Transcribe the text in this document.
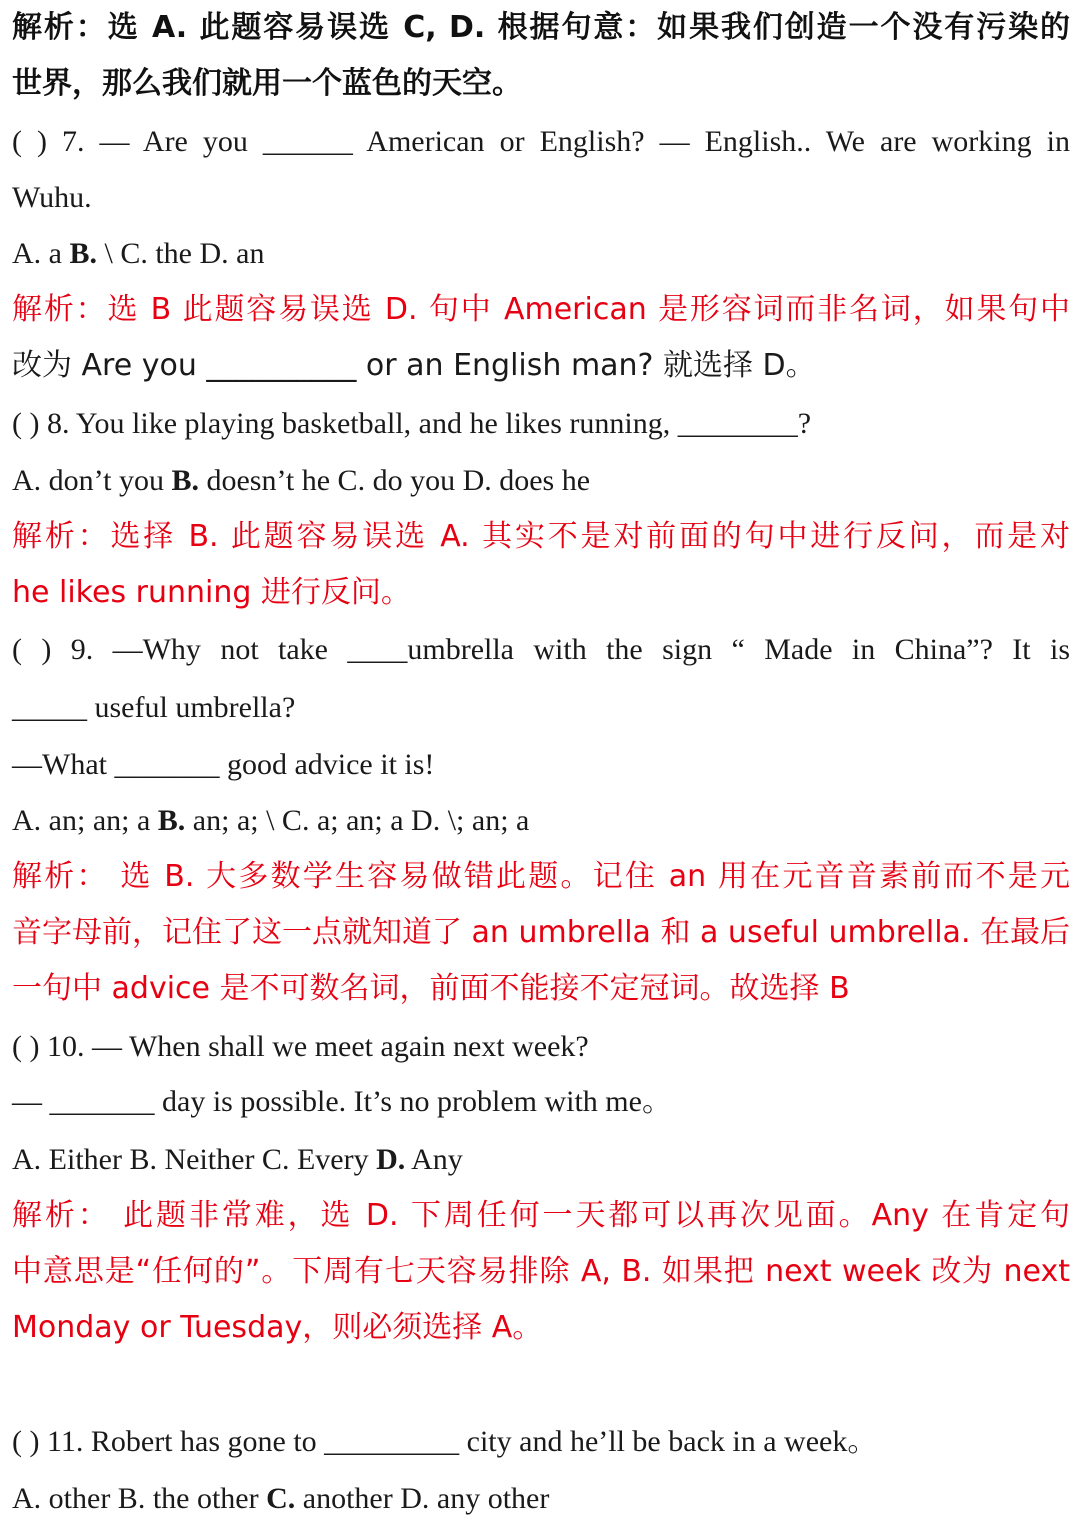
解析：选 A. 此题容易误选 C, D. 根据句意：如果我们创造一个没有污染的
世界，那么我们就用一个蓝色的天空。
( ) 7. — Are you ______ American or English? — English.. We are working in
Wuhu.
A. a B. \ C. the D. an
解析：选 B 此题容易误选 D. 句中 American 是形容词而非名词，如果句中
改为 Are you __________ or an English man? 就选择 D。
( ) 8. You like playing basketball, and he likes running, ________?
A. don’t you B. doesn’t he C. do you D. does he
解析：选择 B. 此题容易误选 A. 其实不是对前面的句中进行反问，而是对
he likes running 进行反问。
( ) 9. —Why not take ____umbrella with the sign “ Made in China”? It is
_____ useful umbrella?
—What _______ good advice it is!
A. an; an; a B. an; a; \ C. a; an; a D. \; an; a
解析： 选 B. 大多数学生容易做错此题。记住 an 用在元音音素前而不是元
音字母前，记住了这一点就知道了 an umbrella 和 a useful umbrella. 在最后
一句中 advice 是不可数名词，前面不能接不定冠词。故选择 B
( ) 10. — When shall we meet again next week?
— _______ day is possible. It’s no problem with me。
A. Either B. Neither C. Every D. Any
解析： 此题非常难，选 D. 下周任何一天都可以再次见面。Any 在肯定句
中意思是“任何的”。下周有七天容易排除 A, B. 如果把 next week 改为 next
Monday or Tuesday，则必须选择 A。
( ) 11. Robert has gone to _________ city and he’ll be back in a week。
A. other B. the other C. another D. any other
